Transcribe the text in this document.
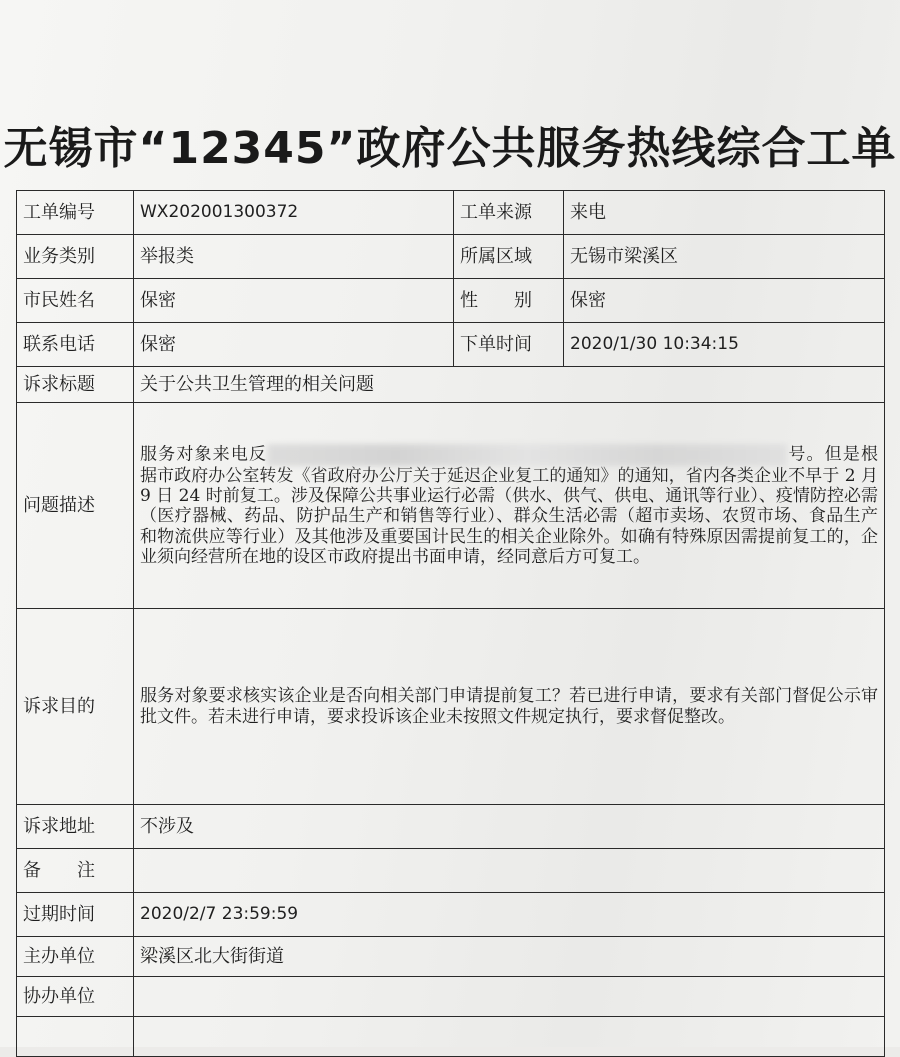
无锡市“12345”政府公共服务热线综合工单
工单编号	WX202001300372	工单来源	来电
业务类别	举报类	所属区域	无锡市梁溪区
市民姓名	保密	性　　别	保密
联系电话	保密	下单时间	2020/1/30 10:34:15
诉求标题	关于公共卫生管理的相关问题		
问题描述	服务对象来电反 号。但是根据市政府办公室转发《省政府办公厅关于延迟企业复工的通知》的通知，省内各类企业不早于 2 月 9 日 24 时前复工。涉及保障公共事业运行必需（供水、供气、供电、通讯等行业）、疫情防控必需（医疗器械、药品、防护品生产和销售等行业）、群众生活必需（超市卖场、农贸市场、食品生产和物流供应等行业）及其他涉及重要国计民生的相关企业除外。如确有特殊原因需提前复工的，企业须向经营所在地的设区市政府提出书面申请，经同意后方可复工。		
诉求目的	服务对象要求核实该企业是否向相关部门申请提前复工？若已进行申请，要求有关部门督促公示审批文件。若未进行申请，要求投诉该企业未按照文件规定执行，要求督促整改。		
诉求地址	不涉及		
备　　注			
过期时间	2020/2/7 23:59:59		
主办单位	梁溪区北大街街道		
协办单位			
